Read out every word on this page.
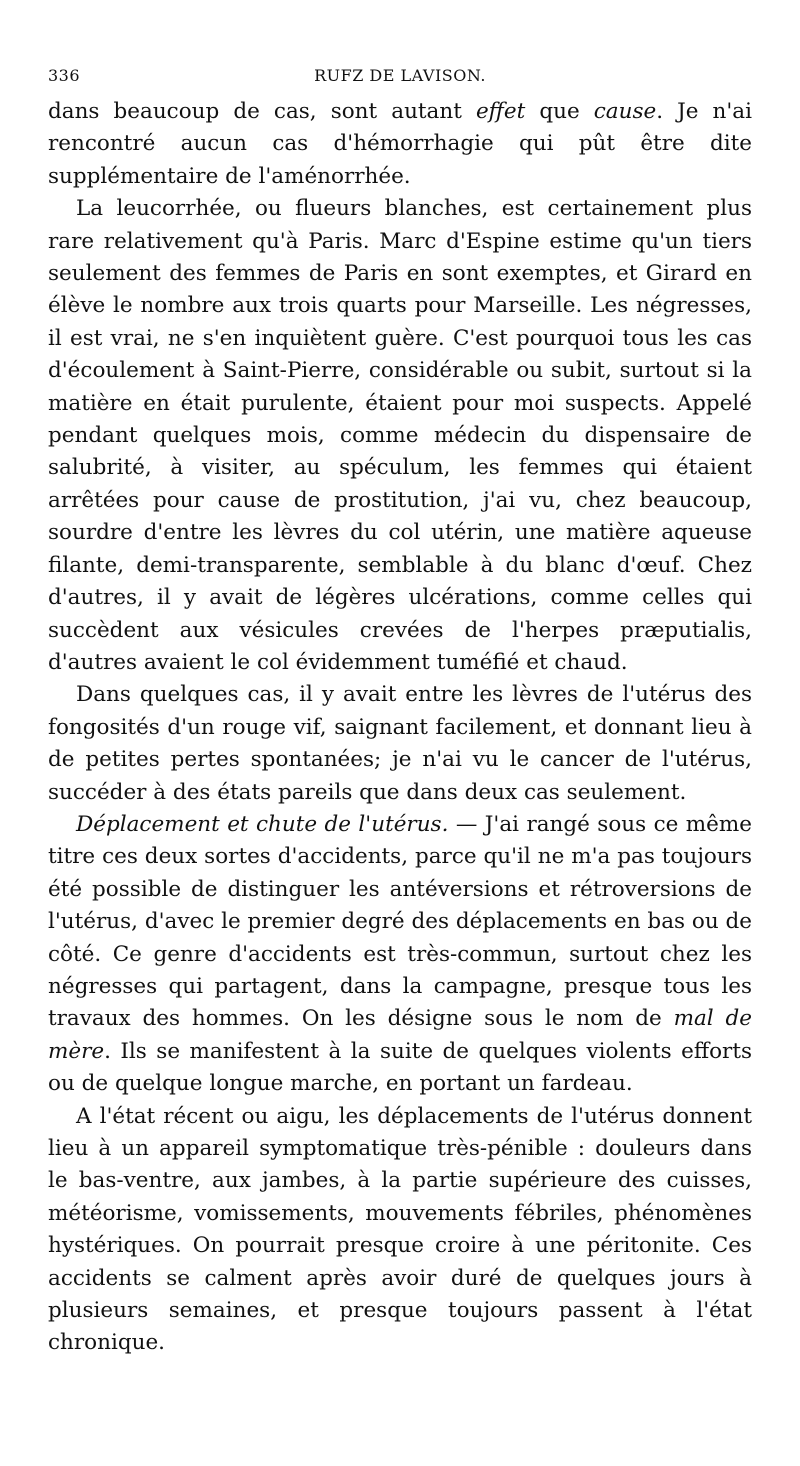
336	RUFZ DE LAVISON.

dans beaucoup de cas, sont autant effet que cause. Je n'ai rencontré aucun cas d'hémorrhagie qui pût être dite supplémentaire de l'aménorrhée.

La leucorrhée, ou flueurs blanches, est certainement plus rare relativement qu'à Paris. Marc d'Espine estime qu'un tiers seulement des femmes de Paris en sont exemptes, et Girard en élève le nombre aux trois quarts pour Marseille. Les négresses, il est vrai, ne s'en inquiètent guère. C'est pourquoi tous les cas d'écoulement à Saint-Pierre, considérable ou subit, surtout si la matière en était purulente, étaient pour moi suspects. Appelé pendant quelques mois, comme médecin du dispensaire de salubrité, à visiter, au spéculum, les femmes qui étaient arrêtées pour cause de prostitution, j'ai vu, chez beaucoup, sourdre d'entre les lèvres du col utérin, une matière aqueuse filante, demi-transparente, semblable à du blanc d'œuf. Chez d'autres, il y avait de légères ulcérations, comme celles qui succèdent aux vésicules crevées de l'herpes præputialis, d'autres avaient le col évidemment tuméfié et chaud.

Dans quelques cas, il y avait entre les lèvres de l'utérus des fongosités d'un rouge vif, saignant facilement, et donnant lieu à de petites pertes spontanées; je n'ai vu le cancer de l'utérus, succéder à des états pareils que dans deux cas seulement.

Déplacement et chute de l'utérus. — J'ai rangé sous ce même titre ces deux sortes d'accidents, parce qu'il ne m'a pas toujours été possible de distinguer les antéversions et rétroversions de l'utérus, d'avec le premier degré des déplacements en bas ou de côté. Ce genre d'accidents est très-commun, surtout chez les négresses qui partagent, dans la campagne, presque tous les travaux des hommes. On les désigne sous le nom de mal de mère. Ils se manifestent à la suite de quelques violents efforts ou de quelque longue marche, en portant un fardeau.

A l'état récent ou aigu, les déplacements de l'utérus donnent lieu à un appareil symptomatique très-pénible : douleurs dans le bas-ventre, aux jambes, à la partie supérieure des cuisses, météorisme, vomissements, mouvements fébriles, phénomènes hystériques. On pourrait presque croire à une péritonite. Ces accidents se calment après avoir duré de quelques jours à plusieurs semaines, et presque toujours passent à l'état chronique.
